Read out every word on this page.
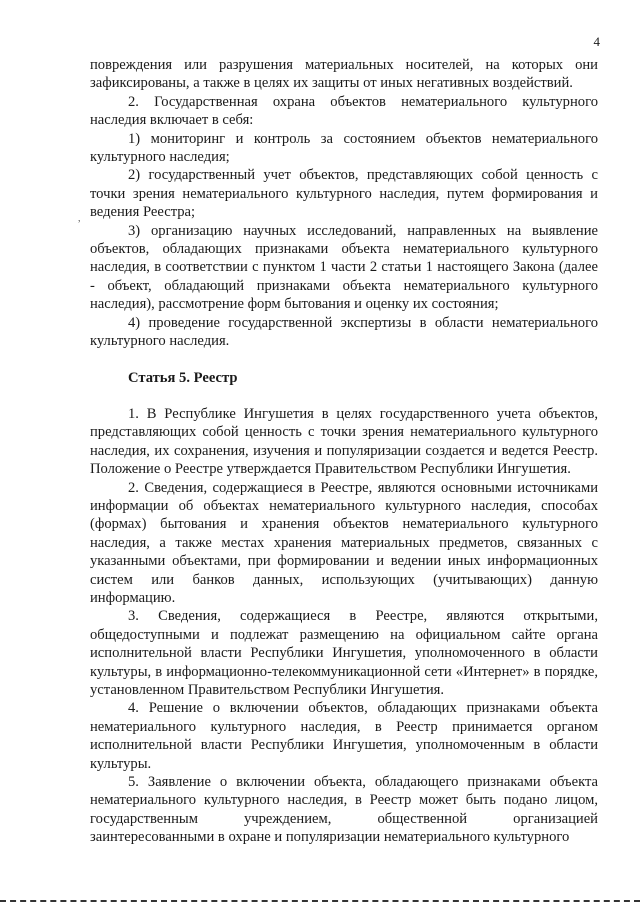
4
,

повреждения или разрушения материальных носителей, на которых они зафиксированы, а также в целях их защиты от иных негативных воздействий.

2. Государственная охрана объектов нематериального культурного наследия включает в себя:

1) мониторинг и контроль за состоянием объектов нематериального культурного наследия;

2) государственный учет объектов, представляющих собой ценность с точки зрения нематериального культурного наследия, путем формирования и ведения Реестра;

3) организацию научных исследований, направленных на выявление объектов, обладающих признаками объекта нематериального культурного наследия, в соответствии с пунктом 1 части 2 статьи 1 настоящего Закона (далее - объект, обладающий признаками объекта нематериального культурного наследия), рассмотрение форм бытования и оценку их состояния;

4) проведение государственной экспертизы в области нематериального культурного наследия.

Статья 5. Реестр

1. В Республике Ингушетия в целях государственного учета объектов, представляющих собой ценность с точки зрения нематериального культурного наследия, их сохранения, изучения и популяризации создается и ведется Реестр. Положение о Реестре утверждается Правительством Республики Ингушетия.

2. Сведения, содержащиеся в Реестре, являются основными источниками информации об объектах нематериального культурного наследия, способах (формах) бытования и хранения объектов нематериального культурного наследия, а также местах хранения материальных предметов, связанных с указанными объектами, при формировании и ведении иных информационных систем или банков данных, использующих (учитывающих) данную информацию.

3. Сведения, содержащиеся в Реестре, являются открытыми, общедоступными и подлежат размещению на официальном сайте органа исполнительной власти Республики Ингушетия, уполномоченного в области культуры, в информационно-телекоммуникационной сети «Интернет» в порядке, установленном Правительством Республики Ингушетия.

4. Решение о включении объектов, обладающих признаками объекта нематериального культурного наследия, в Реестр принимается органом исполнительной власти Республики Ингушетия, уполномоченным в области культуры.

5. Заявление о включении объекта, обладающего признаками объекта нематериального культурного наследия, в Реестр может быть подано лицом, государственным учреждением, общественной организацией заинтересованными в охране и популяризации нематериального культурного
